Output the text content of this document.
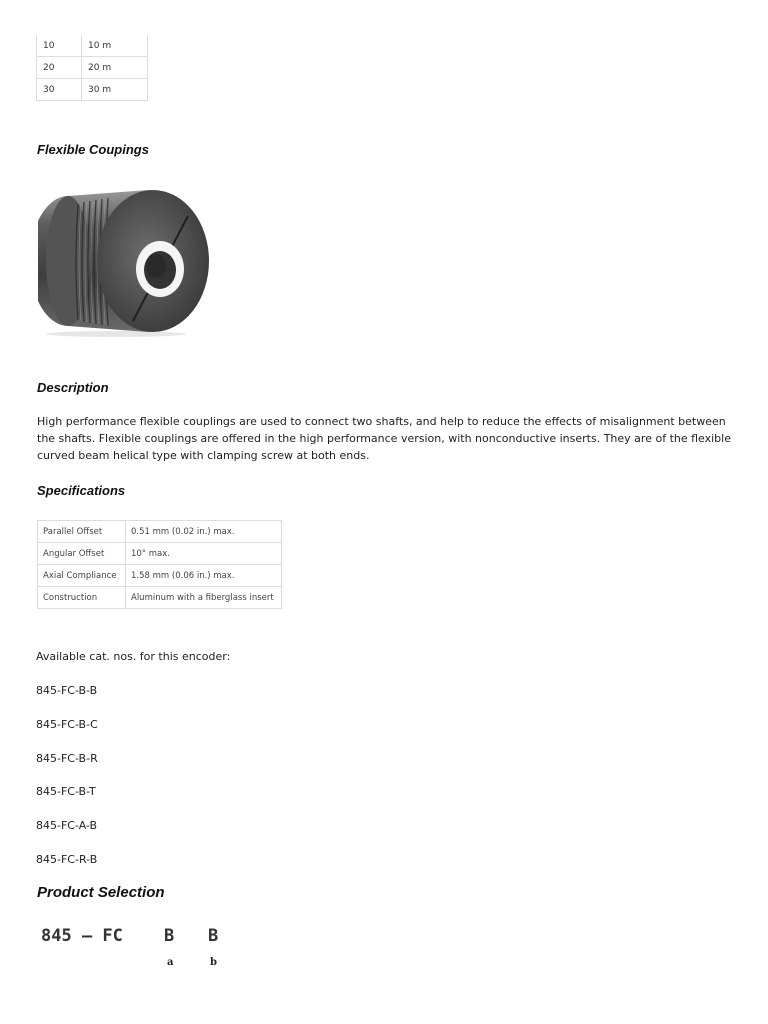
10	10 m
20	20 m
30	30 m
Flexible Coupings
Description

High performance flexible couplings are used to connect two shafts, and help to reduce the effects of misalignment between the shafts. Flexible couplings are offered in the high performance version, with nonconductive inserts. They are of the flexible curved beam helical type with clamping screw at both ends.

Specifications
Parallel Offset	0.51 mm (0.02 in.) max.
Angular Offset	10° max.
Axial Compliance	1.58 mm (0.06 in.) max.
Construction	Aluminum with a fiberglass insert

Available cat. nos. for this encoder:

845-FC-B-B
845-FC-B-C
845-FC-B-R
845-FC-B-T
845-FC-A-B
845-FC-R-B
Product Selection
845 – FC B B
a	b
